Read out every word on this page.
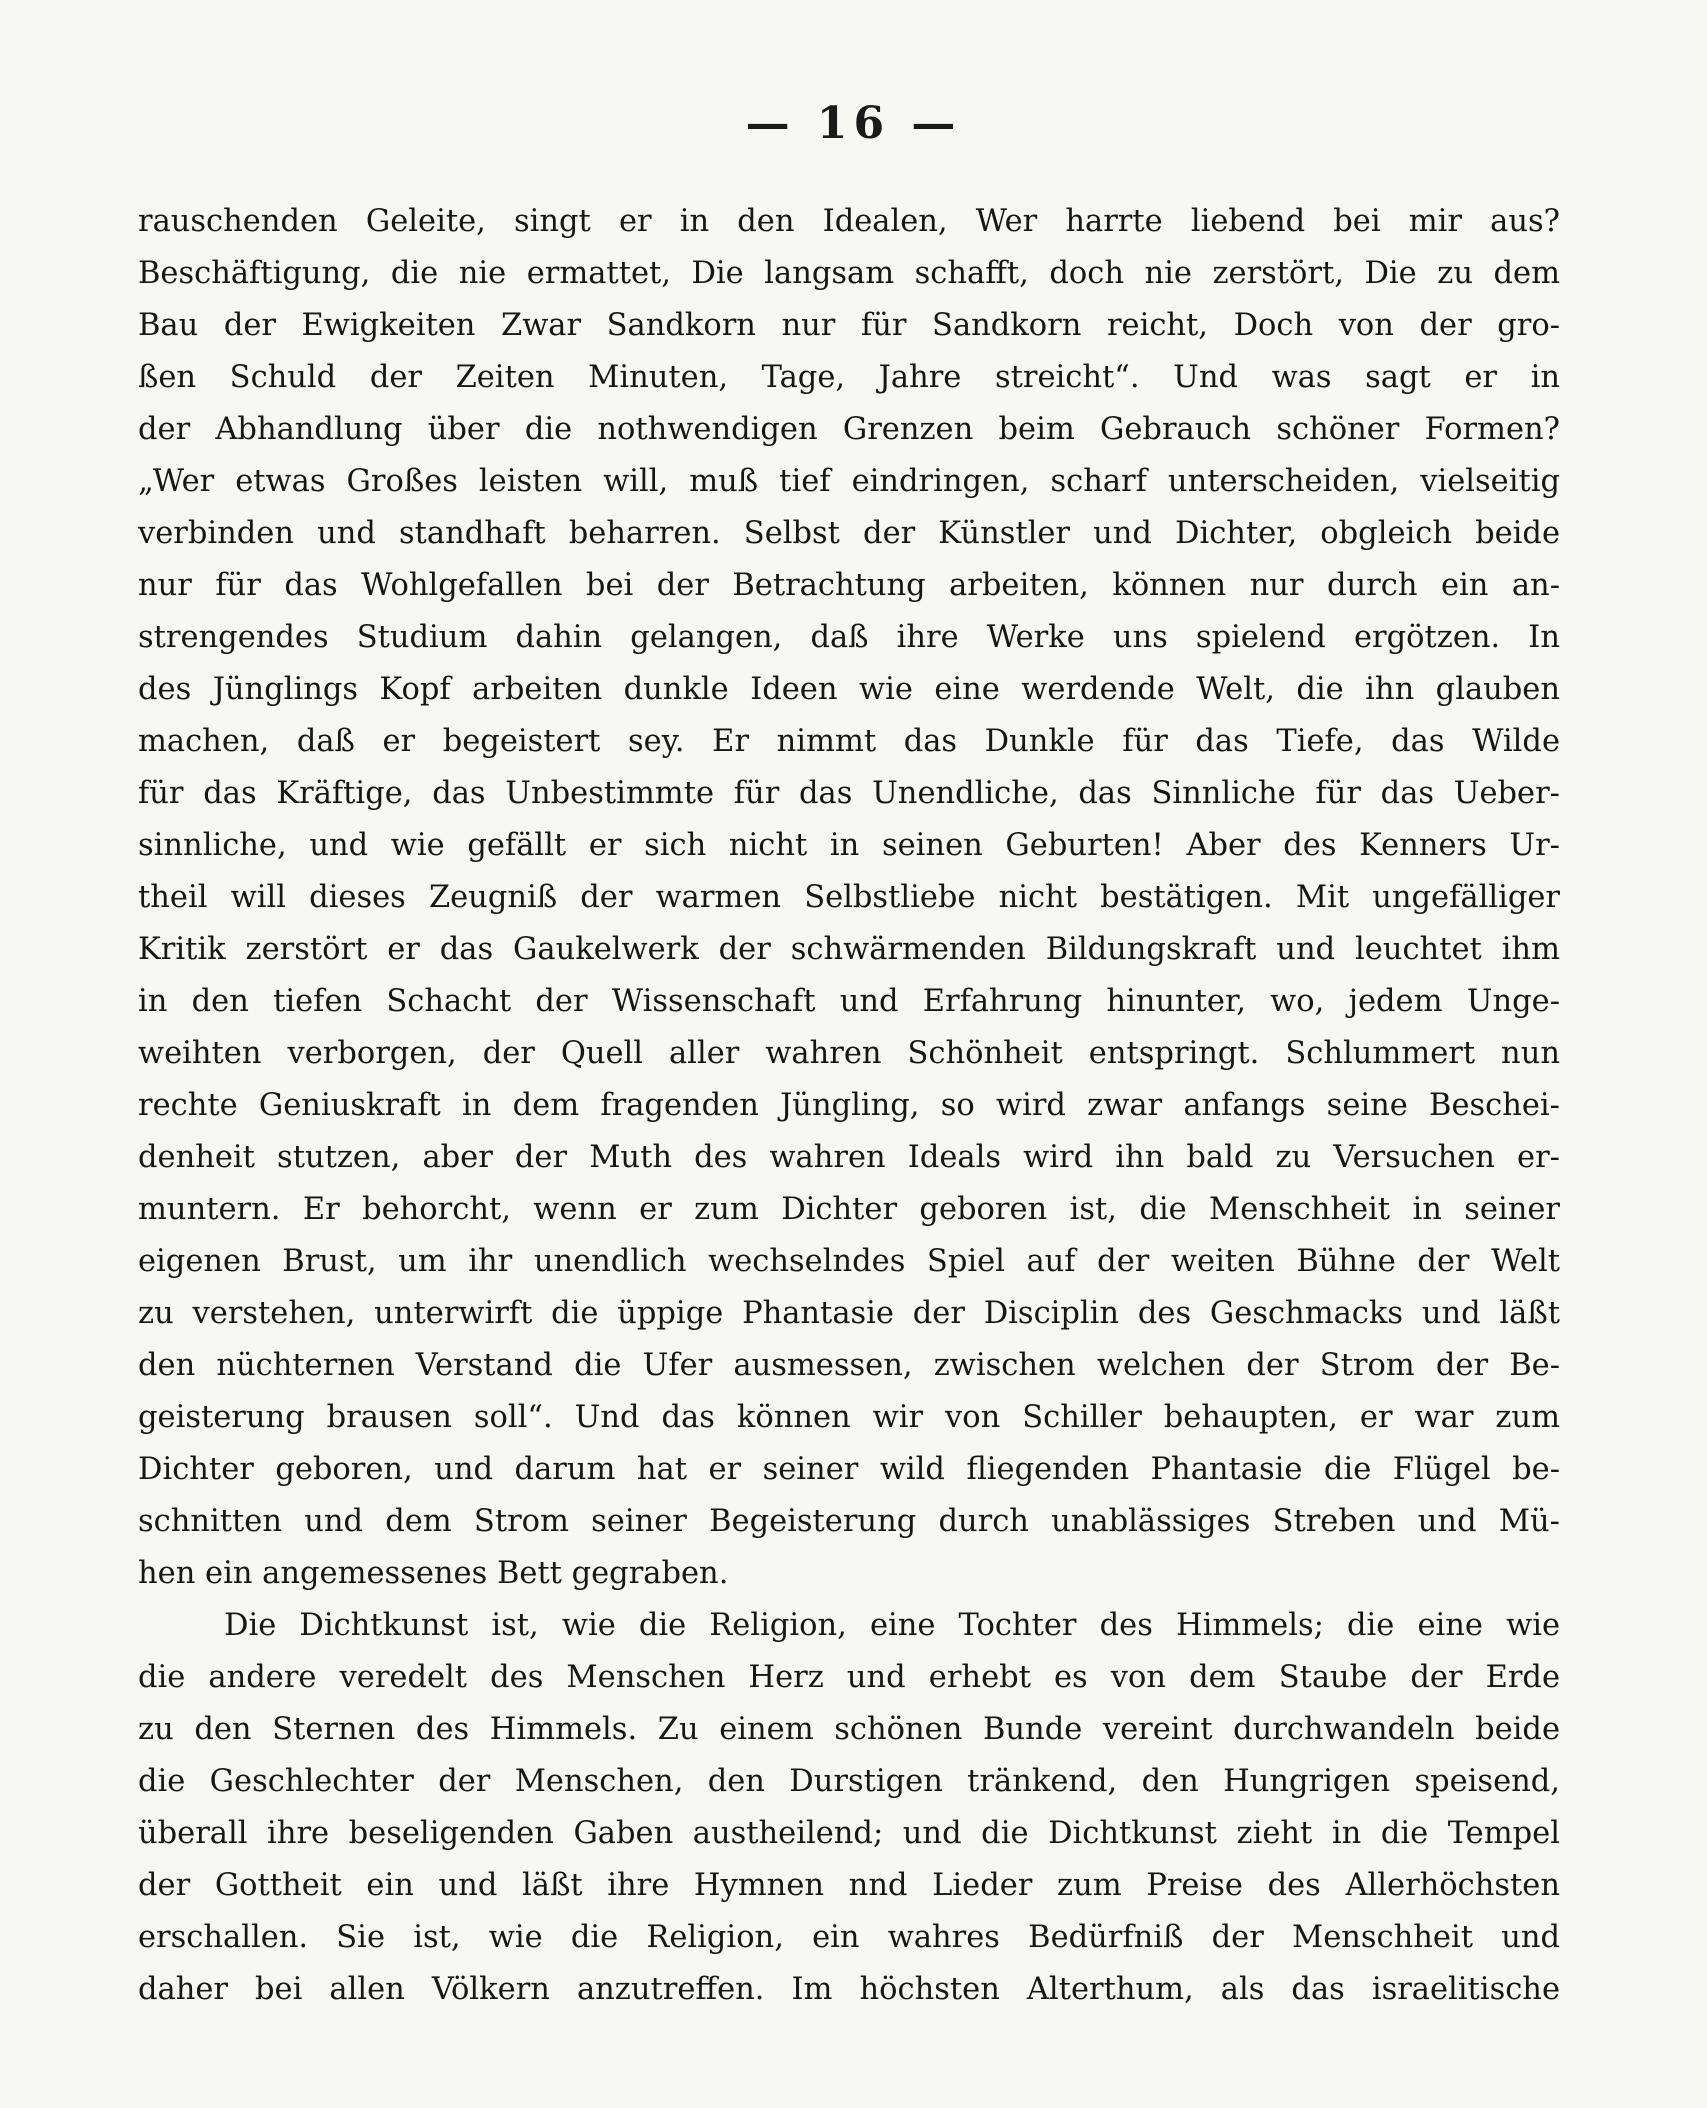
— 16 —
rauschenden Geleite, singt er in den Idealen, Wer harrte liebend bei mir aus?
Beschäftigung, die nie ermattet, Die langsam schafft, doch nie zerstört, Die zu dem
Bau der Ewigkeiten Zwar Sandkorn nur für Sandkorn reicht, Doch von der gro-
ßen Schuld der Zeiten Minuten, Tage, Jahre streicht“. Und was sagt er in
der Abhandlung über die nothwendigen Grenzen beim Gebrauch schöner Formen?
„Wer etwas Großes leisten will, muß tief eindringen, scharf unterscheiden, vielseitig
verbinden und standhaft beharren. Selbst der Künstler und Dichter, obgleich beide
nur für das Wohlgefallen bei der Betrachtung arbeiten, können nur durch ein an-
strengendes Studium dahin gelangen, daß ihre Werke uns spielend ergötzen. In
des Jünglings Kopf arbeiten dunkle Ideen wie eine werdende Welt, die ihn glauben
machen, daß er begeistert sey. Er nimmt das Dunkle für das Tiefe, das Wilde
für das Kräftige, das Unbestimmte für das Unendliche, das Sinnliche für das Ueber-
sinnliche, und wie gefällt er sich nicht in seinen Geburten! Aber des Kenners Ur-
theil will dieses Zeugniß der warmen Selbstliebe nicht bestätigen. Mit ungefälliger
Kritik zerstört er das Gaukelwerk der schwärmenden Bildungskraft und leuchtet ihm
in den tiefen Schacht der Wissenschaft und Erfahrung hinunter, wo, jedem Unge-
weihten verborgen, der Quell aller wahren Schönheit entspringt. Schlummert nun
rechte Geniuskraft in dem fragenden Jüngling, so wird zwar anfangs seine Beschei-
denheit stutzen, aber der Muth des wahren Ideals wird ihn bald zu Versuchen er-
muntern. Er behorcht, wenn er zum Dichter geboren ist, die Menschheit in seiner
eigenen Brust, um ihr unendlich wechselndes Spiel auf der weiten Bühne der Welt
zu verstehen, unterwirft die üppige Phantasie der Disciplin des Geschmacks und läßt
den nüchternen Verstand die Ufer ausmessen, zwischen welchen der Strom der Be-
geisterung brausen soll“. Und das können wir von Schiller behaupten, er war zum
Dichter geboren, und darum hat er seiner wild fliegenden Phantasie die Flügel be-
schnitten und dem Strom seiner Begeisterung durch unablässiges Streben und Mü-
hen ein angemessenes Bett gegraben.
Die Dichtkunst ist, wie die Religion, eine Tochter des Himmels; die eine wie
die andere veredelt des Menschen Herz und erhebt es von dem Staube der Erde
zu den Sternen des Himmels. Zu einem schönen Bunde vereint durchwandeln beide
die Geschlechter der Menschen, den Durstigen tränkend, den Hungrigen speisend,
überall ihre beseligenden Gaben austheilend; und die Dichtkunst zieht in die Tempel
der Gottheit ein und läßt ihre Hymnen nnd Lieder zum Preise des Allerhöchsten
erschallen. Sie ist, wie die Religion, ein wahres Bedürfniß der Menschheit und
daher bei allen Völkern anzutreffen. Im höchsten Alterthum, als das israelitische
